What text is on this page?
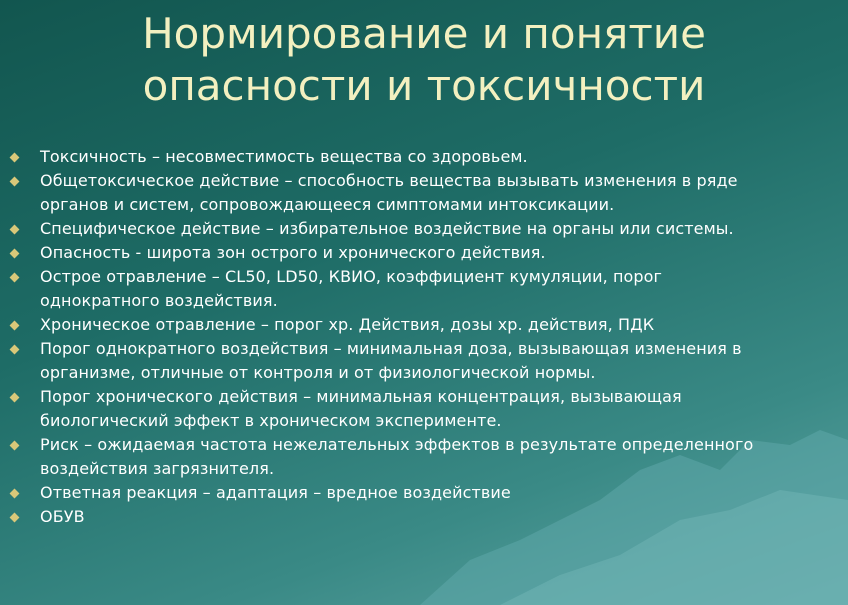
Нормирование и понятие
опасности и токсичности
Токсичность – несовместимость вещества со здоровьем.
Общетоксическое действие – способность вещества вызывать изменения в ряде
органов и систем, сопровождающееся симптомами интоксикации.
Специфическое действие – избирательное воздействие на органы или системы.
Опасность - широта зон острого и хронического действия.
Острое отравление – CL50, LD50, КВИО, коэффициент кумуляции, порог
однократного воздействия.
Хроническое отравление – порог хр. Действия, дозы хр. действия, ПДК
Порог однократного воздействия – минимальная доза, вызывающая изменения в
организме, отличные от контроля и от физиологической нормы.
Порог хронического действия – минимальная концентрация, вызывающая
биологический эффект в хроническом эксперименте.
Риск – ожидаемая частота нежелательных эффектов в результате определенного
воздействия загрязнителя.
Ответная реакция – адаптация – вредное воздействие
ОБУВ
